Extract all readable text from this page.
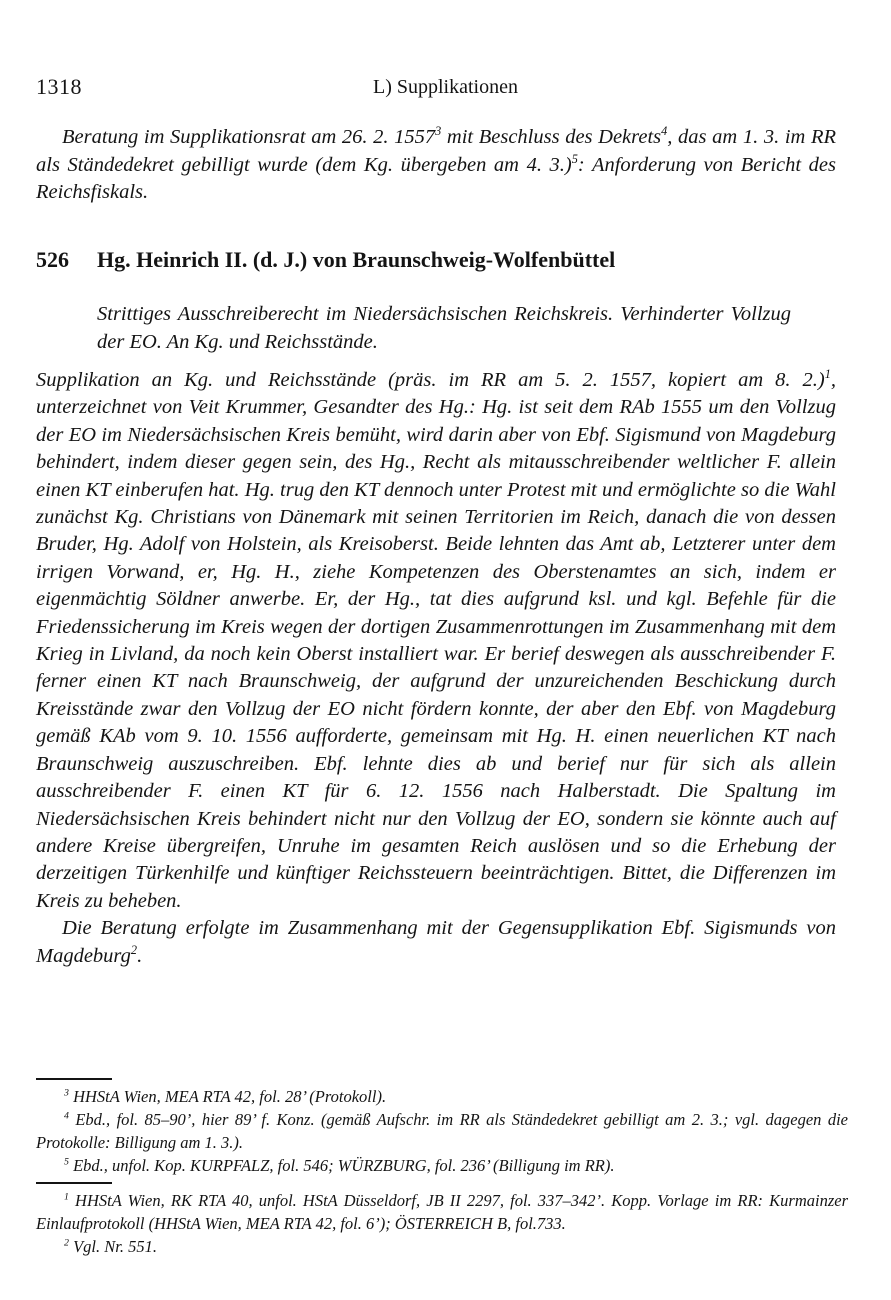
1318	L) Supplikationen

Beratung im Supplikationsrat am 26. 2. 1557$^3$ mit Beschluss des Dekrets$^4$, das am 1. 3. im RR als Ständedekret gebilligt wurde (dem Kg. übergeben am 4. 3.)$^5$: Anforderung von Bericht des Reichsfiskals.

526 Hg. Heinrich II. (d. J.) von Braunschweig-Wolfenbüttel

Strittiges Ausschreiberecht im Niedersächsischen Reichskreis. Verhinderter Vollzug der EO. An Kg. und Reichsstände.

Supplikation an Kg. und Reichsstände (präs. im RR am 5. 2. 1557, kopiert am 8. 2.)$^1$, unterzeichnet von Veit Krummer, Gesandter des Hg.: Hg. ist seit dem RAb 1555 um den Vollzug der EO im Niedersächsischen Kreis bemüht, wird darin aber von Ebf. Sigismund von Magdeburg behindert, indem dieser gegen sein, des Hg., Recht als mitausschreibender weltlicher F. allein einen KT einberufen hat. Hg. trug den KT dennoch unter Protest mit und ermöglichte so die Wahl zunächst Kg. Christians von Dänemark mit seinen Territorien im Reich, danach die von dessen Bruder, Hg. Adolf von Holstein, als Kreisoberst. Beide lehnten das Amt ab, Letzterer unter dem irrigen Vorwand, er, Hg. H., ziehe Kompetenzen des Oberstenamtes an sich, indem er eigenmächtig Söldner anwerbe. Er, der Hg., tat dies aufgrund ksl. und kgl. Befehle für die Friedenssicherung im Kreis wegen der dortigen Zusammenrottungen im Zusammenhang mit dem Krieg in Livland, da noch kein Oberst installiert war. Er berief deswegen als ausschreibender F. ferner einen KT nach Braunschweig, der aufgrund der unzureichenden Beschickung durch Kreisstände zwar den Vollzug der EO nicht fördern konnte, der aber den Ebf. von Magdeburg gemäß KAb vom 9. 10. 1556 aufforderte, gemeinsam mit Hg. H. einen neuerlichen KT nach Braunschweig auszuschreiben. Ebf. lehnte dies ab und berief nur für sich als allein ausschreibender F. einen KT für 6. 12. 1556 nach Halberstadt. Die Spaltung im Niedersächsischen Kreis behindert nicht nur den Vollzug der EO, sondern sie könnte auch auf andere Kreise übergreifen, Unruhe im gesamten Reich auslösen und so die Erhebung der derzeitigen Türkenhilfe und künftiger Reichssteuern beeinträchtigen. Bittet, die Differenzen im Kreis zu beheben.

Die Beratung erfolgte im Zusammenhang mit der Gegensupplikation Ebf. Sigismunds von Magdeburg$^2$.

$^3$ HHStA Wien, MEA RTA 42, fol. 28’ (Protokoll).

$^4$ Ebd., fol. 85–90’, hier 89’ f. Konz. (gemäß Aufschr. im RR als Ständedekret gebilligt am 2. 3.; vgl. dagegen die Protokolle: Billigung am 1. 3.).

$^5$ Ebd., unfol. Kop. KURPFALZ, fol. 546; WÜRZBURG, fol. 236’ (Billigung im RR).

$^1$ HHStA Wien, RK RTA 40, unfol. HStA Düsseldorf, JB II 2297, fol. 337–342’. Kopp. Vorlage im RR: Kurmainzer Einlaufprotokoll (HHStA Wien, MEA RTA 42, fol. 6’); ÖSTERREICH B, fol.733.

$^2$ Vgl. Nr. 551.
